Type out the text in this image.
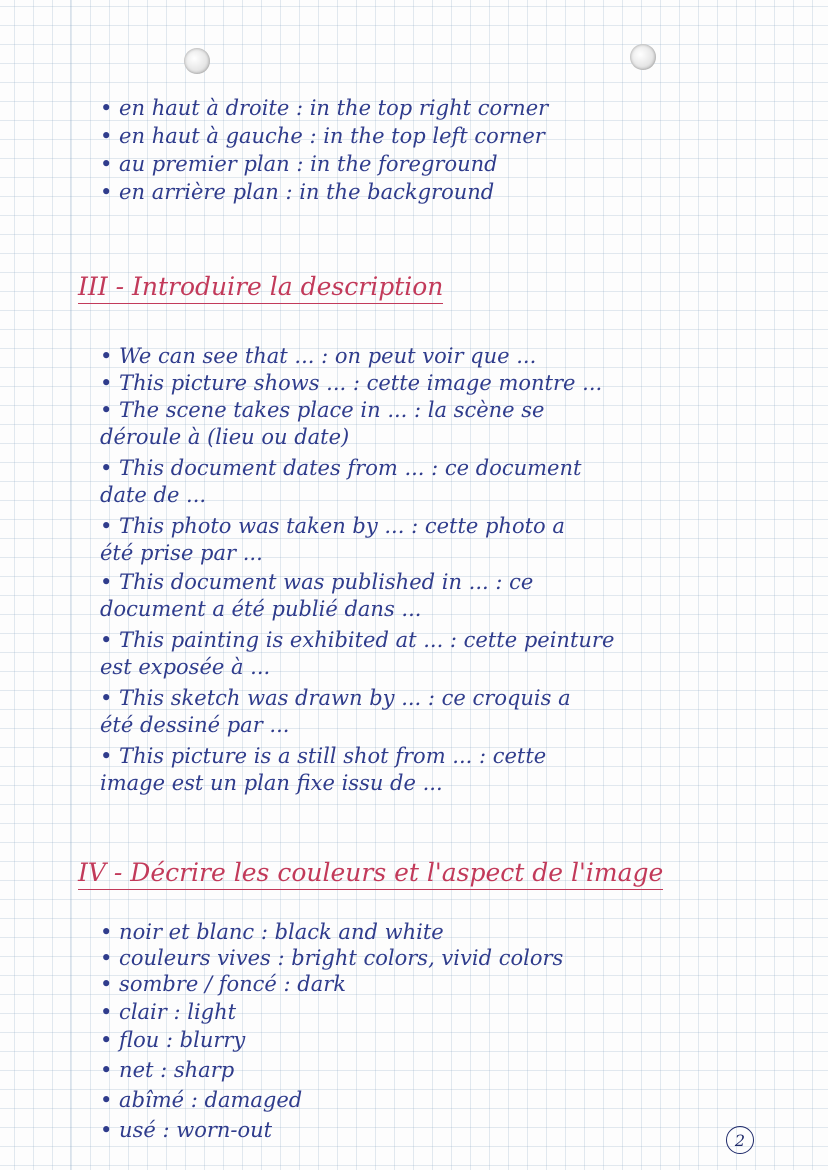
• en haut à droite : in the top right corner
• en haut à gauche : in the top left corner
• au premier plan : in the foreground
• en arrière plan : in the background
III - Introduire la description
• We can see that ... : on peut voir que ...
• This picture shows ... : cette image montre ...
• The scene takes place in ... : la scène se
déroule à (lieu ou date)
• This document dates from ... : ce document
date de ...
• This photo was taken by ... : cette photo a
été prise par ...
• This document was published in ... : ce
document a été publié dans ...
• This painting is exhibited at ... : cette peinture
est exposée à ...
• This sketch was drawn by ... : ce croquis a
été dessiné par ...
• This picture is a still shot from ... : cette
image est un plan fixe issu de ...
IV - Décrire les couleurs et l'aspect de l'image
• noir et blanc : black and white
• couleurs vives : bright colors, vivid colors
• sombre / foncé : dark
• clair : light
• flou : blurry
• net : sharp
• abîmé : damaged
• usé : worn-out	2
